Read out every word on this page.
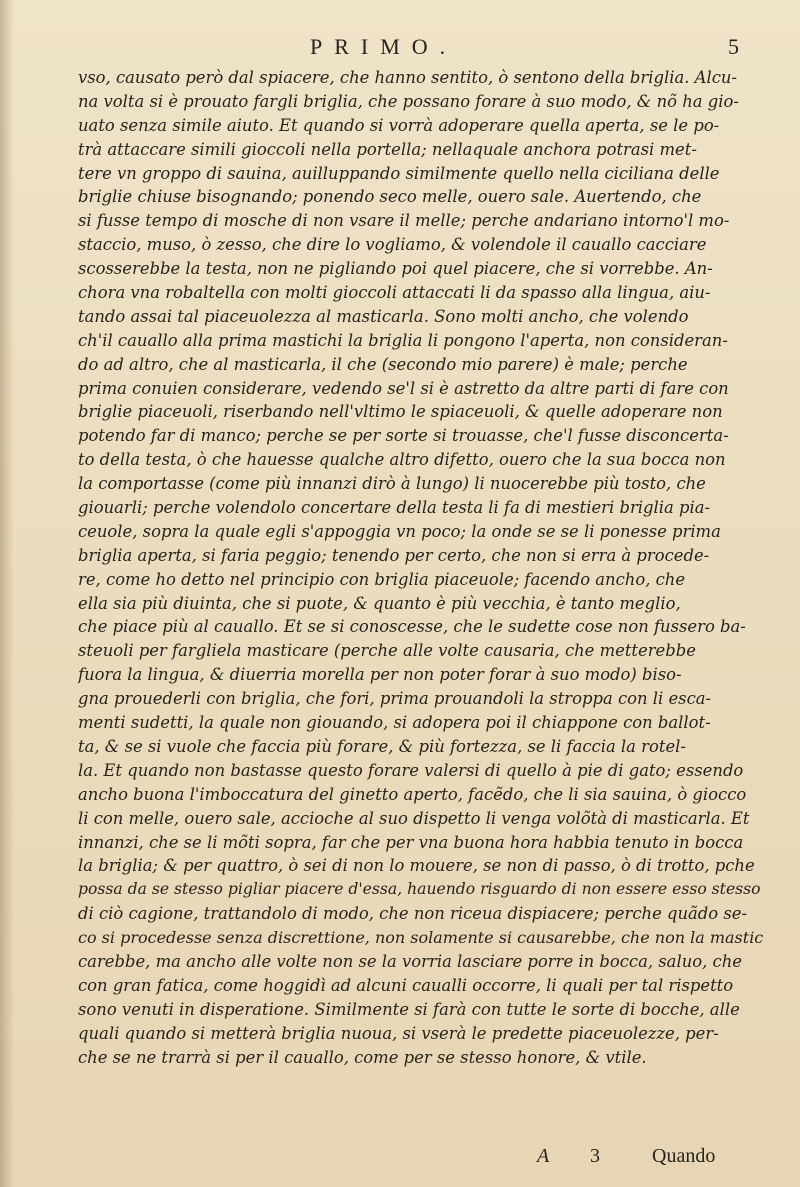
PRIMO.	5
vso, causato però dal spiacere, che hanno sentito, ò sentono della briglia. Alcu-
na volta si è prouato fargli briglia, che possano forare à suo modo, & nõ ha gio-
uato senza simile aiuto. Et quando si vorrà adoperare quella aperta, se le po-
trà attaccare simili gioccoli nella portella; nellaquale anchora potrasi met-
tere vn groppo di sauina, auilluppando similmente quello nella ciciliana delle
briglie chiuse bisognando; ponendo seco melle, ouero sale. Auertendo, che
si fusse tempo di mosche di non vsare il melle; perche andariano intorno'l mo-
staccio, muso, ò zesso, che dire lo vogliamo, & volendole il cauallo cacciare
scosserebbe la testa, non ne pigliando poi quel piacere, che si vorrebbe. An-
chora vna robaltella con molti gioccoli attaccati li da spasso alla lingua, aiu-
tando assai tal piaceuolezza al masticarla. Sono molti ancho, che volendo
ch'il cauallo alla prima mastichi la briglia li pongono l'aperta, non consideran-
do ad altro, che al masticarla, il che (secondo mio parere) è male; perche
prima conuien considerare, vedendo se'l si è astretto da altre parti di fare con
briglie piaceuoli, riserbando nell'vltimo le spiaceuoli, & quelle adoperare non
potendo far di manco; perche se per sorte si trouasse, che'l fusse disconcerta-
to della testa, ò che hauesse qualche altro difetto, ouero che la sua bocca non
la comportasse (come più innanzi dirò à lungo) li nuocerebbe più tosto, che
giouarli; perche volendolo concertare della testa li fa di mestieri briglia pia-
ceuole, sopra la quale egli s'appoggia vn poco; la onde se se li ponesse prima
briglia aperta, si faria peggio; tenendo per certo, che non si erra à procede-
re, come ho detto nel principio con briglia piaceuole; facendo ancho, che
ella sia più diuinta, che si puote, & quanto è più vecchia, è tanto meglio,
che piace più al cauallo. Et se si conoscesse, che le sudette cose non fussero ba-
steuoli per fargliela masticare (perche alle volte causaria, che metterebbe
fuora la lingua, & diuerria morella per non poter forar à suo modo) biso-
gna prouederli con briglia, che fori, prima prouandoli la stroppa con li esca-
menti sudetti, la quale non giouando, si adopera poi il chiappone con ballot-
ta, & se si vuole che faccia più forare, & più fortezza, se li faccia la rotel-
la. Et quando non bastasse questo forare valersi di quello à pie di gato; essendo
ancho buona l'imboccatura del ginetto aperto, facẽdo, che li sia sauina, ò giocco
li con melle, ouero sale, accioche al suo dispetto li venga volõtà di masticarla. Et
innanzi, che se li mõti sopra, far che per vna buona hora habbia tenuto in bocca
la briglia; & per quattro, ò sei di non lo mouere, se non di passo, ò di trotto, pche
possa da se stesso pigliar piacere d'essa, hauendo risguardo di non essere esso stesso
di ciò cagione, trattandolo di modo, che non riceua dispiacere; perche quãdo se-
co si procedesse senza discrettione, non solamente si causarebbe, che non la mastic
carebbe, ma ancho alle volte non se la vorria lasciare porre in bocca, saluo, che
con gran fatica, come hoggidì ad alcuni caualli occorre, li quali per tal rispetto
sono venuti in disperatione. Similmente si farà con tutte le sorte di bocche, alle
quali quando si metterà briglia nuoua, si vserà le predette piaceuolezze, per-
che se ne trarrà si per il cauallo, come per se stesso honore, & vtile.
A 3	Quando
